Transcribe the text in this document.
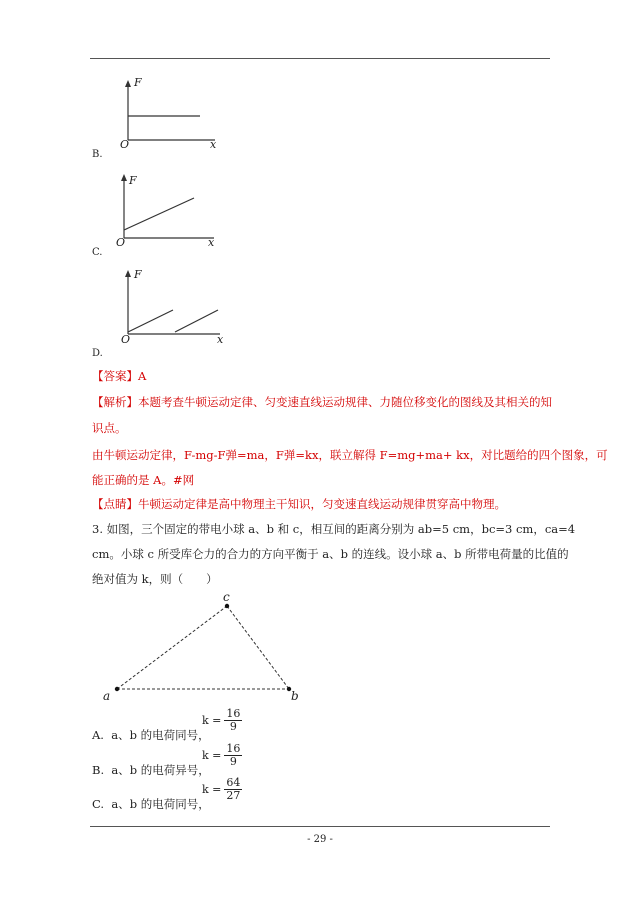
F
O	x
B.
F
O	x
C.
F
O	x
D.
【答案】A
【解析】本题考查牛顿运动定律、匀变速直线运动规律、力随位移变化的图线及其相关的知
识点。
由牛顿运动定律，F-mg-F弹=ma，F弹=kx，联立解得 F=mg+ma+ kx，对比题给的四个图象，可
能正确的是 A。#网
【点睛】牛顿运动定律是高中物理主干知识，匀变速直线运动规律贯穿高中物理。
3. 如图，三个固定的带电小球 a、b 和 c，相互间的距离分别为 ab=5 cm，bc=3 cm，ca=4
cm。小球 c 所受库仑力的合力的方向平衡于 a、b 的连线。设小球 a、b 所带电荷量的比值的
绝对值为 k，则（　　）
a	b
c
A. a、b 的电荷同号，
$k = \frac{16}{9}$
B. a、b 的电荷异号，
$k = \frac{16}{9}$
C. a、b 的电荷同号，
$k = \frac{64}{27}$
- 29 -
